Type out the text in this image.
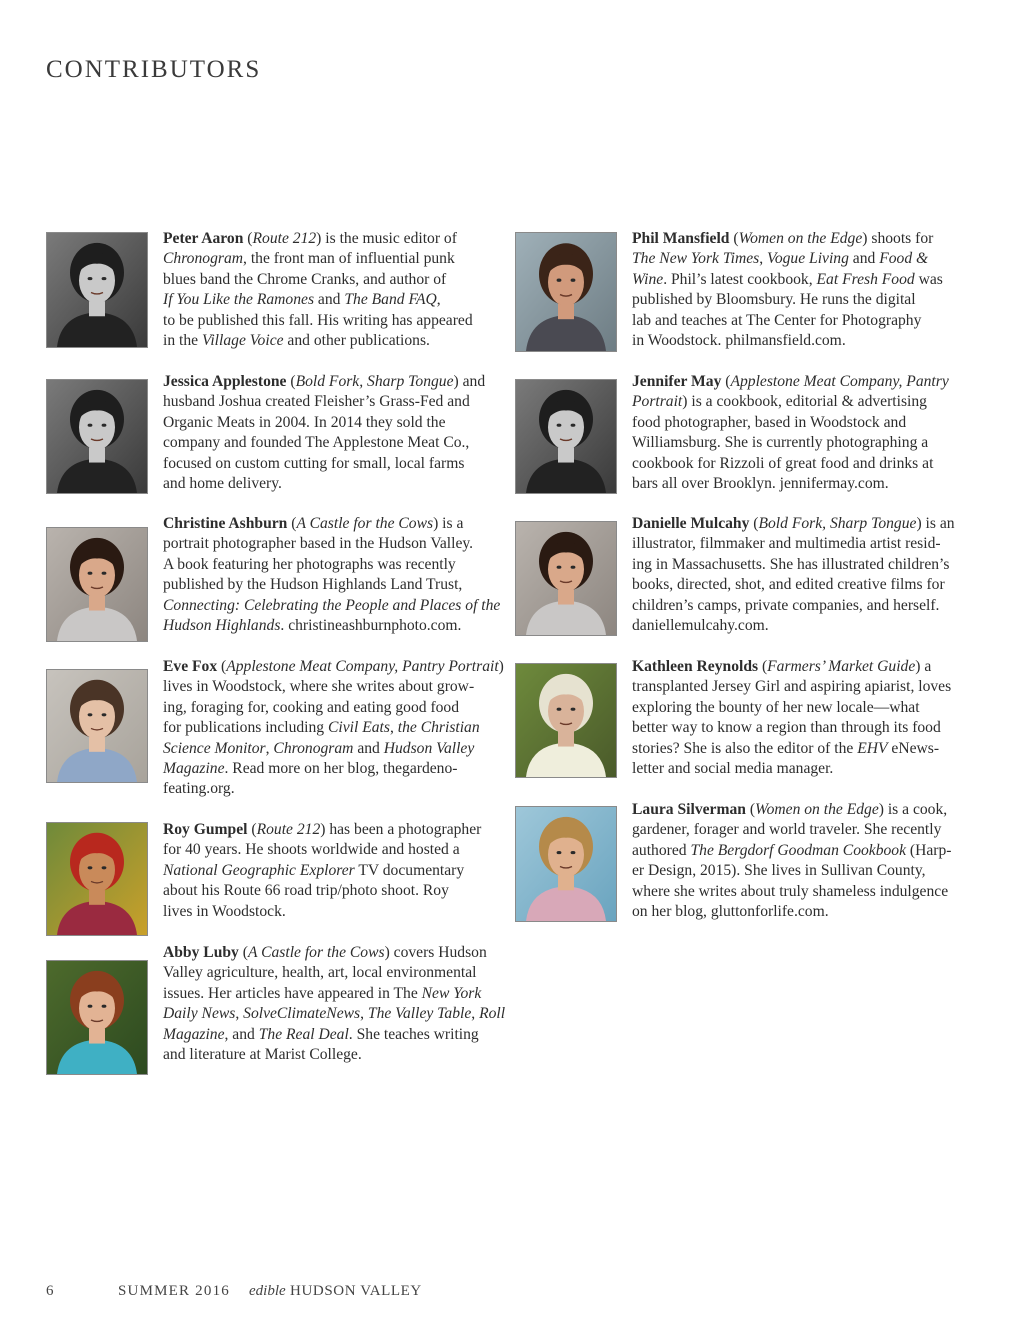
CONTRIBUTORS
Peter Aaron (Route 212) is the music editor of
Chronogram, the front man of influential punk
blues band the Chrome Cranks, and author of
If You Like the Ramones and The Band FAQ,
to be published this fall. His writing has appeared
in the Village Voice and other publications.
Jessica Applestone (Bold Fork, Sharp Tongue) and
husband Joshua created Fleisher’s Grass-Fed and
Organic Meats in 2004. In 2014 they sold the
company and founded The Applestone Meat Co.,
focused on custom cutting for small, local farms
and home delivery.
Christine Ashburn (A Castle for the Cows) is a
portrait photographer based in the Hudson Valley.
A book featuring her photographs was recently
published by the Hudson Highlands Land Trust,
Connecting: Celebrating the People and Places of the
Hudson Highlands. christineashburnphoto.com.
Eve Fox (Applestone Meat Company, Pantry Portrait)
lives in Woodstock, where she writes about grow-
ing, foraging for, cooking and eating good food
for publications including Civil Eats, the Christian
Science Monitor, Chronogram and Hudson Valley
Magazine. Read more on her blog, thegardeno-
feating.org.
Roy Gumpel (Route 212) has been a photographer
for 40 years. He shoots worldwide and hosted a
National Geographic Explorer TV documentary
about his Route 66 road trip/photo shoot. Roy
lives in Woodstock.
Abby Luby (A Castle for the Cows) covers Hudson
Valley agriculture, health, art, local environmental
issues. Her articles have appeared in The New York
Daily News, SolveClimateNews, The Valley Table, Roll
Magazine, and The Real Deal. She teaches writing
and literature at Marist College.
Phil Mansfield (Women on the Edge) shoots for
The New York Times, Vogue Living and Food &
Wine. Phil’s latest cookbook, Eat Fresh Food was
published by Bloomsbury. He runs the digital
lab and teaches at The Center for Photography
in Woodstock. philmansfield.com.
Jennifer May (Applestone Meat Company, Pantry
Portrait) is a cookbook, editorial & advertising
food photographer, based in Woodstock and
Williamsburg. She is currently photographing a
cookbook for Rizzoli of great food and drinks at
bars all over Brooklyn. jennifermay.com.
Danielle Mulcahy (Bold Fork, Sharp Tongue) is an
illustrator, filmmaker and multimedia artist resid-
ing in Massachusetts. She has illustrated children’s
books, directed, shot, and edited creative films for
children’s camps, private companies, and herself.
daniellemulcahy.com.
Kathleen Reynolds (Farmers’ Market Guide) a
transplanted Jersey Girl and aspiring apiarist, loves
exploring the bounty of her new locale—what
better way to know a region than through its food
stories? She is also the editor of the EHV eNews-
letter and social media manager.
Laura Silverman (Women on the Edge) is a cook,
gardener, forager and world traveler. She recently
authored The Bergdorf Goodman Cookbook (Harp-
er Design, 2015). She lives in Sullivan County,
where she writes about truly shameless indulgence
on her blog, gluttonforlife.com.
6	SUMMER 2016 edible HUDSON VALLEY
